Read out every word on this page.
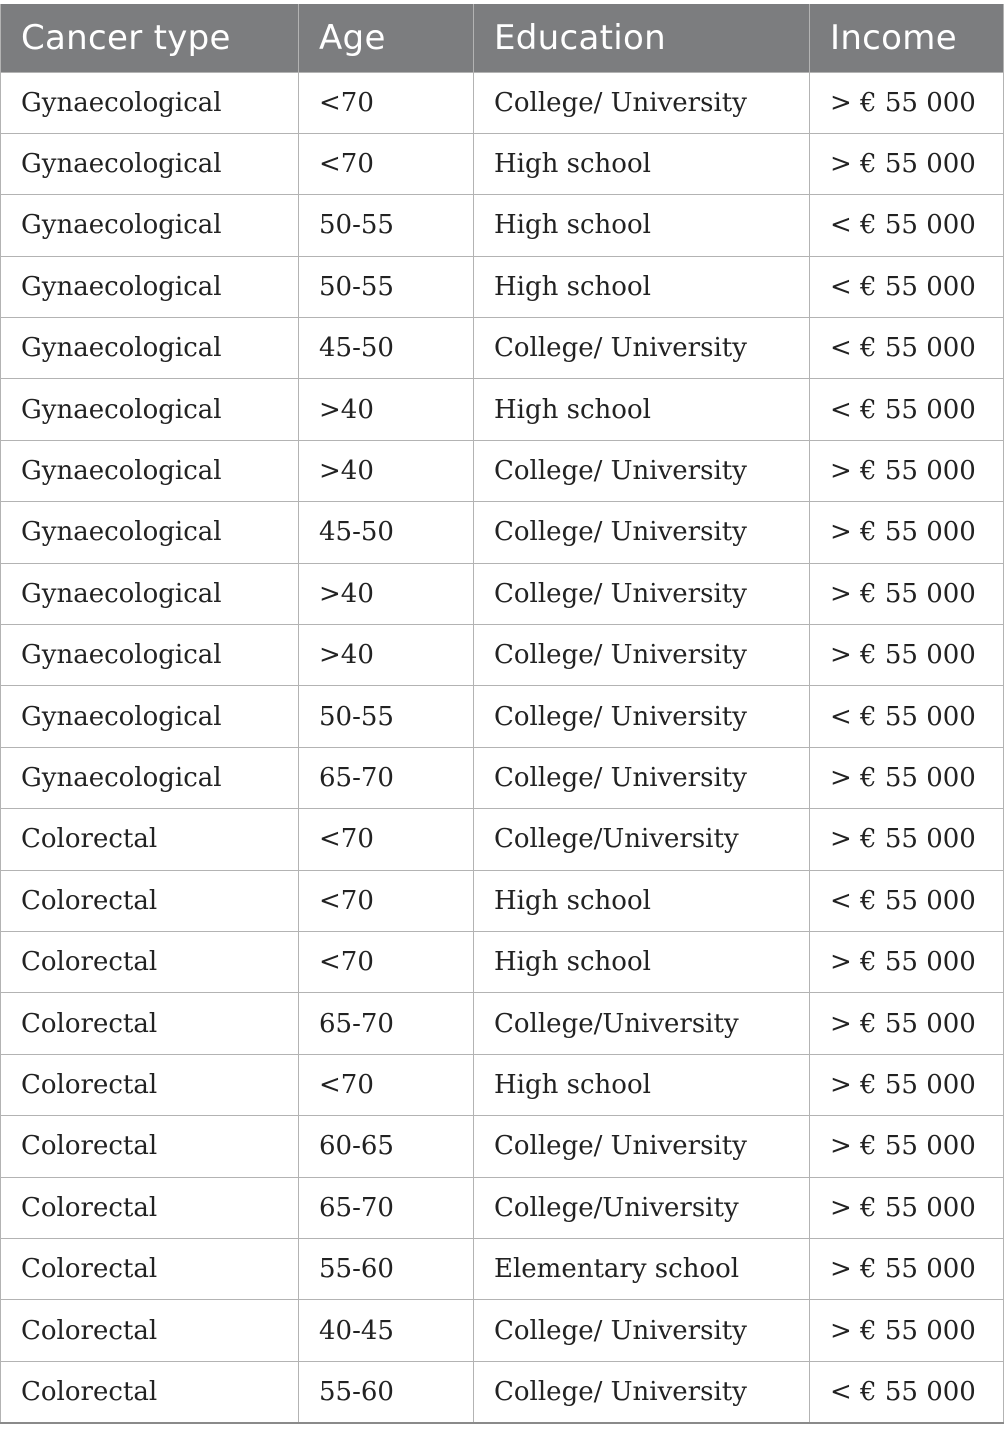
Cancer type	Age	Education	Income
Gynaecological	<70	College/ University	> € 55 000
Gynaecological	<70	High school	> € 55 000
Gynaecological	50-55	High school	< € 55 000
Gynaecological	50-55	High school	< € 55 000
Gynaecological	45-50	College/ University	< € 55 000
Gynaecological	>40	High school	< € 55 000
Gynaecological	>40	College/ University	> € 55 000
Gynaecological	45-50	College/ University	> € 55 000
Gynaecological	>40	College/ University	> € 55 000
Gynaecological	>40	College/ University	> € 55 000
Gynaecological	50-55	College/ University	< € 55 000
Gynaecological	65-70	College/ University	> € 55 000
Colorectal	<70	College/University	> € 55 000
Colorectal	<70	High school	< € 55 000
Colorectal	<70	High school	> € 55 000
Colorectal	65-70	College/University	> € 55 000
Colorectal	<70	High school	> € 55 000
Colorectal	60-65	College/ University	> € 55 000
Colorectal	65-70	College/University	> € 55 000
Colorectal	55-60	Elementary school	> € 55 000
Colorectal	40-45	College/ University	> € 55 000
Colorectal	55-60	College/ University	< € 55 000
